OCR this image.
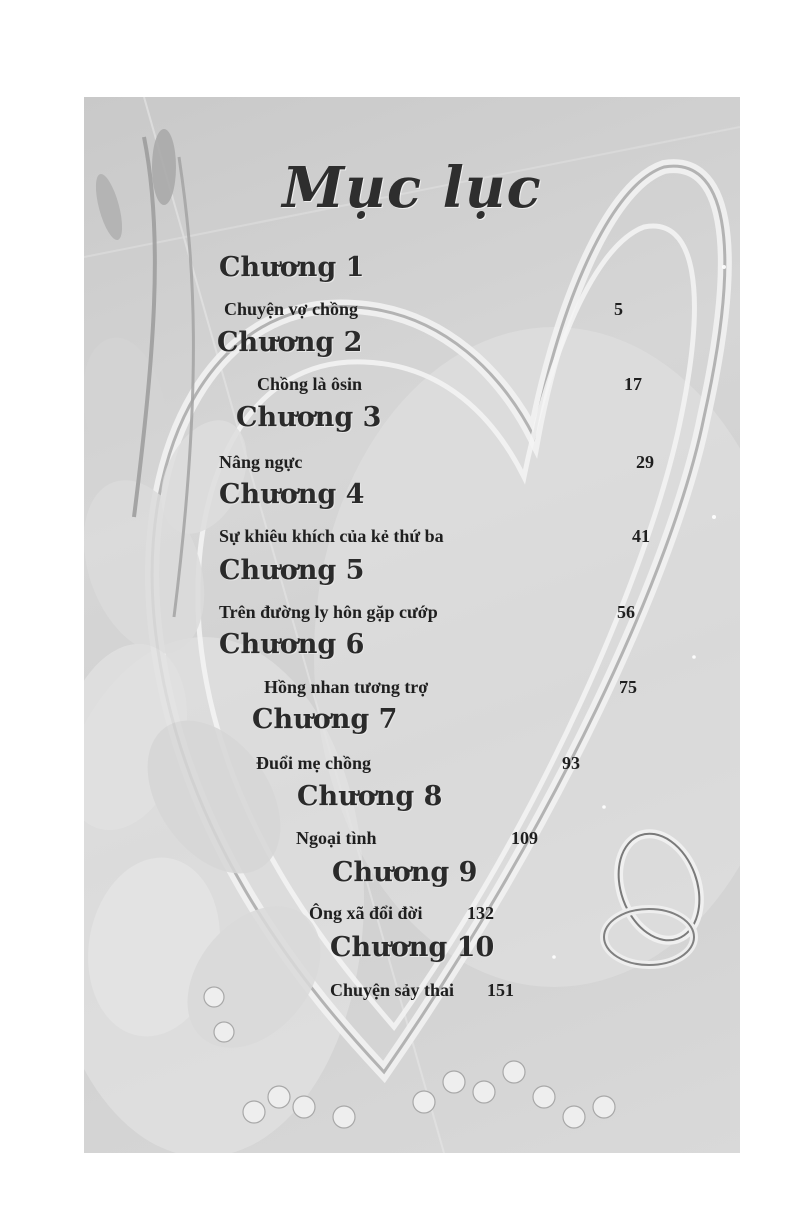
Mục lục
Chương 1
Chuyện vợ chồng	5
Chương 2
Chồng là ôsin	17
Chương 3
Nâng ngực	29
Chương 4
Sự khiêu khích của kẻ thứ ba	41
Chương 5
Trên đường ly hôn gặp cướp	56
Chương 6
Hồng nhan tương trợ	75
Chương 7
Đuổi mẹ chồng	93
Chương 8
Ngoại tình	109
Chương 9
Ông xã đổi đời 132
Chương 10
Chuyện sảy thai 151
